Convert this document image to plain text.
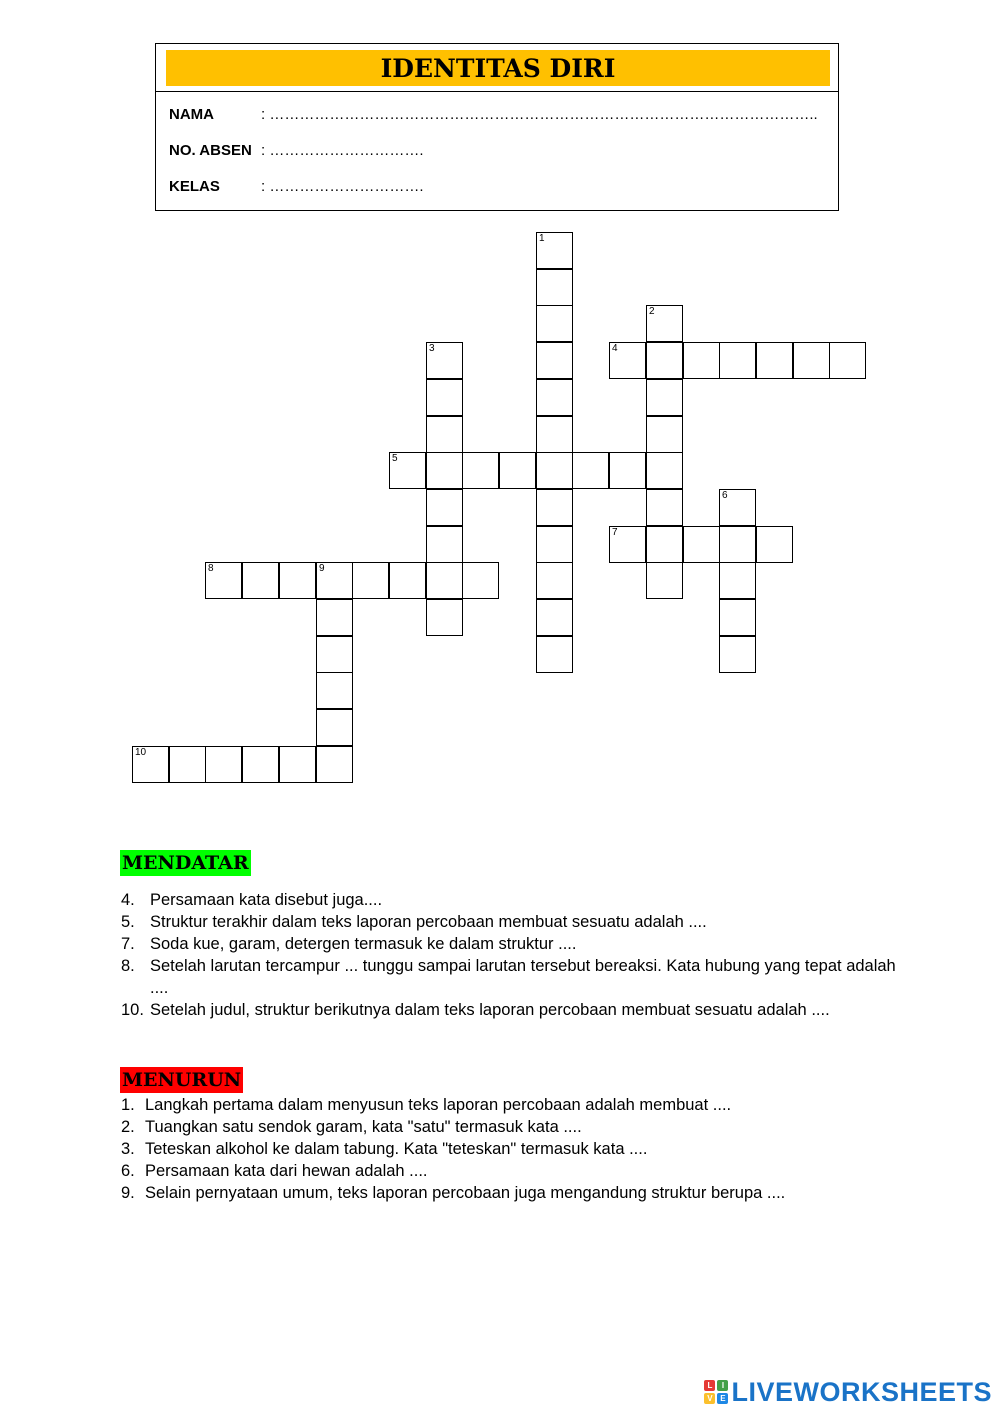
IDENTITAS DIRI
NAMA	: ………………………………………………………………………………………………..
NO. ABSEN : ………………………….
KELAS	: ………………………….
1
2
3	4
5
6
7
8	9
10
MENDATAR
4. Persamaan kata disebut juga....
5. Struktur terakhir dalam teks laporan percobaan membuat sesuatu adalah ....
7. Soda kue, garam, detergen termasuk ke dalam struktur ....
8. Setelah larutan tercampur ... tunggu sampai larutan tersebut bereaksi. Kata hubung yang tepat adalah ....
10. Setelah judul, struktur berikutnya dalam teks laporan percobaan membuat sesuatu adalah ....
MENURUN
1. Langkah pertama dalam menyusun teks laporan percobaan adalah membuat ....
2. Tuangkan satu sendok garam, kata "satu" termasuk kata ....
3. Teteskan alkohol ke dalam tabung. Kata "teteskan" termasuk kata ....
6. Persamaan kata dari hewan adalah ....
9. Selain pernyataan umum, teks laporan percobaan juga mengandung struktur berupa ....
L	I
V E LIVEWORKSHEETS
